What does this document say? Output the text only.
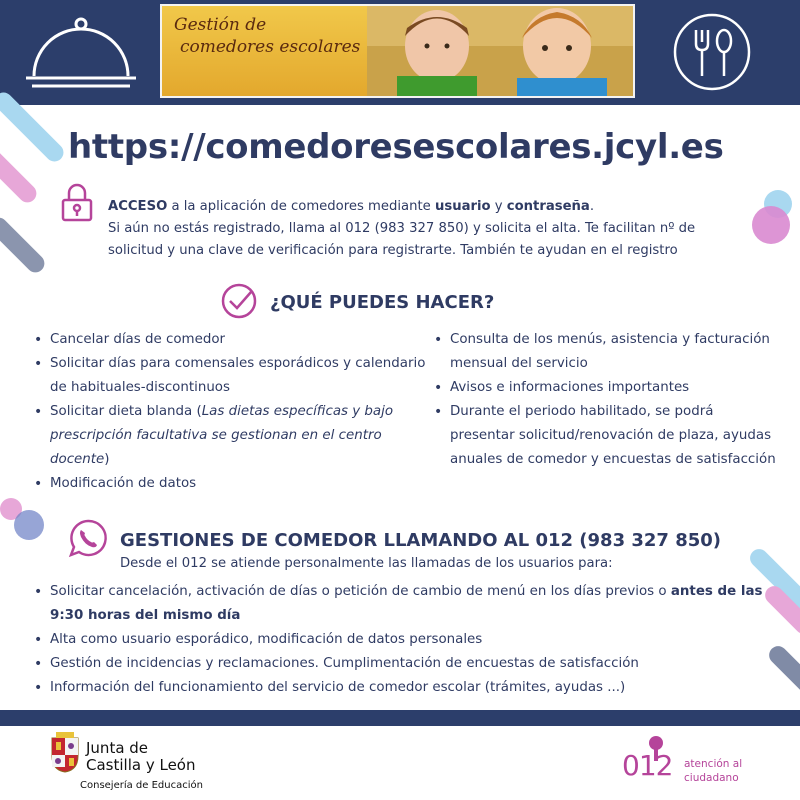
Gestión de
comedores escolares
https://comedoresescolares.jcyl.es
ACCESO a la aplicación de comedores mediante usuario y contraseña.
Si aún no estás registrado, llama al 012 (983 327 850) y solicita el alta. Te facilitan nº de solicitud y una clave de verificación para registrarte. También te ayudan en el registro
¿QUÉ PUEDES HACER?
• Cancelar días de comedor
• Solicitar días para comensales esporádicos y calendario de habituales-discontinuos
• Solicitar dieta blanda (Las dietas específicas y bajo prescripción facultativa se gestionan en el centro docente)
• Modificación de datos
• Consulta de los menús, asistencia y facturación mensual del servicio
• Avisos e informaciones importantes
• Durante el periodo habilitado, se podrá presentar solicitud/renovación de plaza, ayudas anuales de comedor y encuestas de satisfacción
GESTIONES DE COMEDOR LLAMANDO AL 012 (983 327 850)
Desde el 012 se atiende personalmente las llamadas de los usuarios para:
• Solicitar cancelación, activación de días o petición de cambio de menú en los días previos o antes de las 9:30 horas del mismo día
• Alta como usuario esporádico, modificación de datos personales
• Gestión de incidencias y reclamaciones. Cumplimentación de encuestas de satisfacción
• Información del funcionamiento del servicio de comedor escolar (trámites, ayudas ...)
Junta de
Castilla y León
Consejería de Educación
012 atención al
ciudadano
